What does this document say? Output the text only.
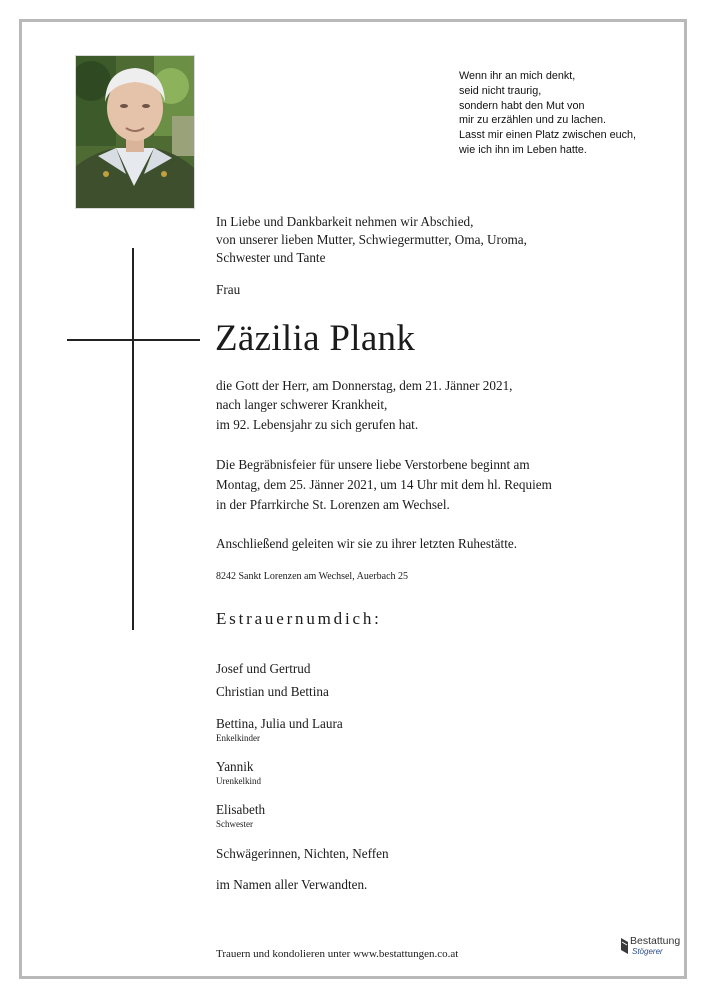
Wenn ihr an mich denkt,
seid nicht traurig,
sondern habt den Mut von
mir zu erzählen und zu lachen.
Lasst mir einen Platz zwischen euch,
wie ich ihn im Leben hatte.
In Liebe und Dankbarkeit nehmen wir Abschied,
von unserer lieben Mutter, Schwiegermutter, Oma, Uroma,
Schwester und Tante
Frau
Zäzilia Plank
die Gott der Herr, am Donnerstag, dem 21. Jänner 2021,
nach langer schwerer Krankheit,
im 92. Lebensjahr zu sich gerufen hat.
Die Begräbnisfeier für unsere liebe Verstorbene beginnt am
Montag, dem 25. Jänner 2021, um 14 Uhr mit dem hl. Requiem
in der Pfarrkirche St. Lorenzen am Wechsel.
Anschließend geleiten wir sie zu ihrer letzten Ruhestätte.
8242 Sankt Lorenzen am Wechsel, Auerbach 25
Estrauernumdich:
Josef und Gertrud
Christian und Bettina
Bettina, Julia und Laura
Enkelkinder
Yannik
Urenkelkind
Elisabeth
Schwester
Schwägerinnen, Nichten, Neffen
im Namen aller Verwandten.
Trauern und kondolieren unter www.bestattungen.co.at
Bestattung
Stögerer
